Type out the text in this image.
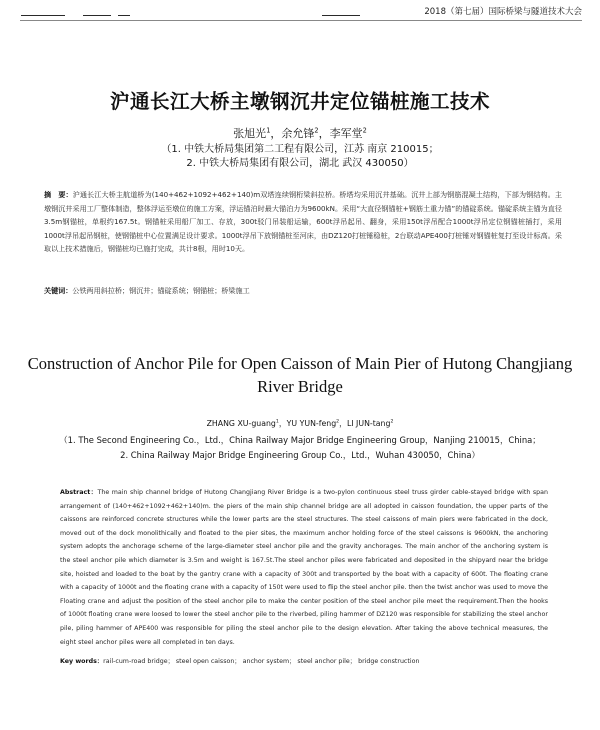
2018（第七届）国际桥梁与隧道技术大会
沪通长江大桥主墩钢沉井定位锚桩施工技术
张旭光$^1$，余允锋$^2$，李军堂$^2$
（1. 中铁大桥局集团第二工程有限公司，江苏 南京 210015；
2. 中铁大桥局集团有限公司，湖北 武汉 430050）
摘　要：沪通长江大桥主航道桥为(140+462+1092+462+140)m双塔连续钢桁梁斜拉桥。桥塔均采用沉井基础。沉井上部为钢筋混凝土结构，下部为钢结构。主墩钢沉井采用工厂整体制造，整体浮运至墩位的施工方案，浮运锚泊时最大锚泊力为9600kN。采用“大直径钢锚桩+钢筋土重力锚”的锚碇系统。锚碇系统主锚为直径3.5m钢锚桩，单根约167.5t。钢锚桩采用船厂加工、存放，300t驳门吊装船运输，600t浮吊起吊、翻身，采用150t浮吊配合1000t浮吊定位钢锚桩插打，采用1000t浮吊起吊钢桩，使钢锚桩中心位置满足设计要求。1000t浮吊下放钢锚桩至河床，由DZ120打桩锤稳桩，2台联动APE400打桩锤对钢锚桩复打至设计标高。采取以上技术措施后，钢锚桩均已施打完成，共计8根，用时10天。
关键词：公铁两用斜拉桥；钢沉井；锚碇系统；钢锚桩；桥梁施工
Construction of Anchor Pile for Open Caisson of Main Pier of Hutong Changjiang River Bridge
ZHANG XU-guang$^1$，YU YUN-feng$^2$，LI JUN-tang$^2$
（1. The Second Engineering Co.，Ltd.，China Railway Major Bridge Engineering Group，Nanjing 210015，China；
2. China Railway Major Bridge Engineering Group Co.，Ltd.，Wuhan 430050，China）
Abstract：The main ship channel bridge of Hutong Changjiang River Bridge is a two-pylon continuous steel truss girder cable-stayed bridge with span arrangement of (140+462+1092+462+140)m. the piers of the main ship channel bridge are all adopted in caisson foundation, the upper parts of the caissons are reinforced concrete structures while the lower parts are the steel structures. The steel caissons of main piers were fabricated in the dock, moved out of the dock monolithically and floated to the pier sites, the maximum anchor holding force of the steel caissons is 9600kN, the anchoring system adopts the anchorage scheme of the large-diameter steel anchor pile and the gravity anchorages. The main anchor of the anchoring system is the steel anchor pile which diameter is 3.5m and weight is 167.5t.The steel anchor piles were fabricated and deposited in the shipyard near the bridge site, hoisted and loaded to the boat by the gantry crane with a capacity of 300t and transported by the boat with a capacity of 600t. The floating crane with a capacity of 1000t and the floating crane with a capacity of 150t were used to flip the steel anchor pile. then the twist anchor was used to move the Floating crane and adjust the position of the steel anchor pile to make the center position of the steel anchor pile meet the requirement.Then the hooks of 1000t floating crane were loosed to lower the steel anchor pile to the riverbed, piling hammer of DZ120 was responsible for stabilizing the steel anchor pile, piling hammer of APE400 was responsible for piling the steel anchor pile to the design elevation. After taking the above technical measures, the eight steel anchor piles were all completed in ten days.
Key words：rail-cum-road bridge； steel open caisson； anchor system； steel anchor pile； bridge construction
